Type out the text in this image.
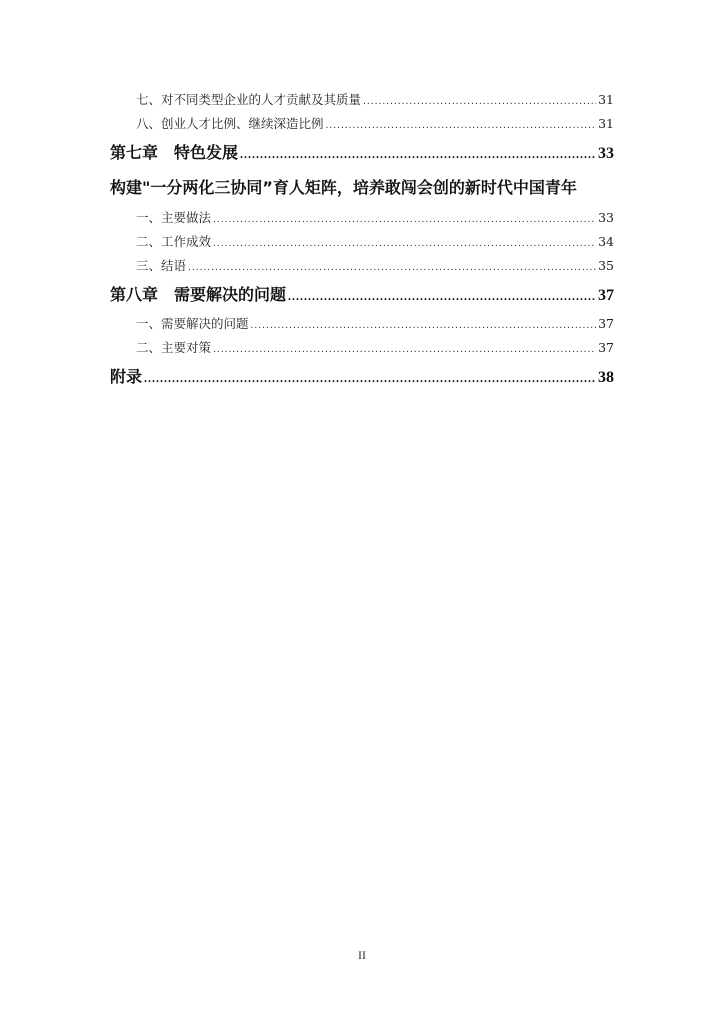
七、对不同类型企业的人才贡献及其质量 .....	31
八、创业人才比例、继续深造比例 .....	31
第七章　特色发展 .....	33
构建"一分两化三协同”育人矩阵，培养敢闯会创的新时代中国青年
一、主要做法 .....	33
二、工作成效 .....	34
三、结语 .....	35
第八章　需要解决的问题 .....	37
一、需要解决的问题 .....	37
二、主要对策 .....	37
附录 .....	38
II
